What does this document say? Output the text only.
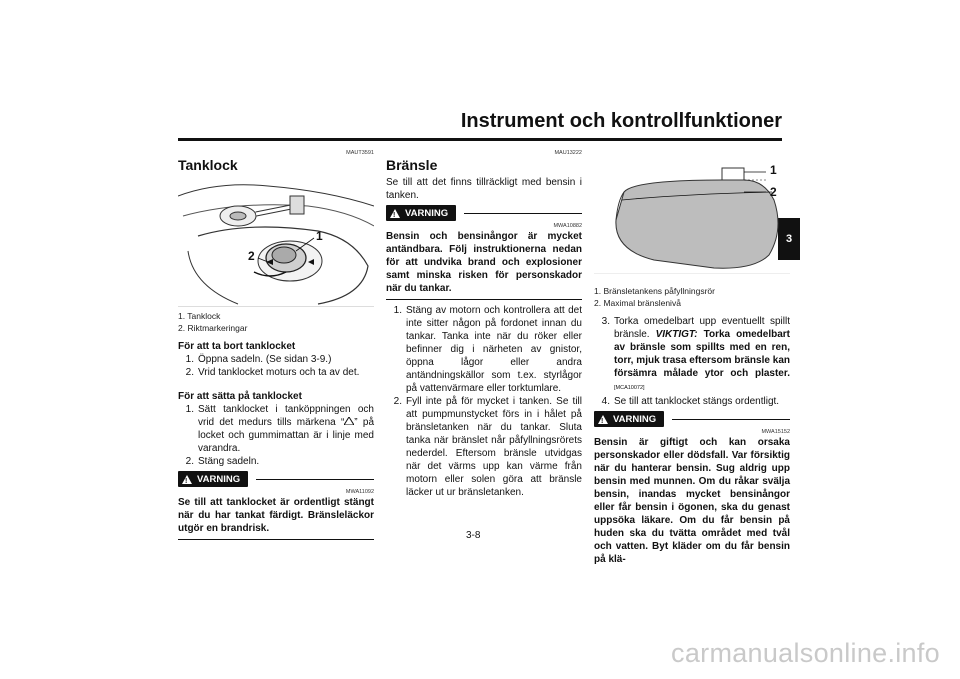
Instrument och kontrollfunktioner
3
MAUT3591
Tanklock
1
2
1. Tanklock
2. Riktmarkeringar
För att ta bort tanklocket
1. Öppna sadeln. (Se sidan 3-9.)
2. Vrid tanklocket moturs och ta av det.
För att sätta på tanklocket
1. Sätt tanklocket i tanköppningen och vrid det medurs tills märkena “ ” på locket och gummimattan är i linje med varandra.
2. Stäng sadeln.
!
VARNING
MWA11092
Se till att tanklocket är ordentligt stängt när du har tankat färdigt. Bränsleläckor utgör en brandrisk.
MAU13222
Bränsle
Se till att det finns tillräckligt med bensin i tanken.
!
VARNING
MWA10882
Bensin och bensinångor är mycket antändbara. Följ instruktionerna nedan för att undvika brand och explosioner samt minska risken för personskador när du tankar.
1. Stäng av motorn och kontrollera att det inte sitter någon på fordonet innan du tankar. Tanka inte när du röker eller befinner dig i närheten av gnistor, öppna lågor eller andra antändningskällor som t.ex. styrlågor på vattenvärmare eller torktumlare.
2. Fyll inte på för mycket i tanken. Se till att pumpmunstycket förs in i hålet på bränsletanken när du tankar. Sluta tanka när bränslet når påfyllningsrörets nederdel. Eftersom bränsle utvidgas när det värms upp kan värme från motorn eller solen göra att bränsle läcker ut ur bränsletanken.
1
2
1. Bränsletankens påfyllningsrör
2. Maximal bränslenivå
3. Torka omedelbart upp eventuellt spillt bränsle. VIKTIGT: Torka omedelbart av bränsle som spillts med en ren, torr, mjuk trasa eftersom bränsle kan försämra målade ytor och plaster.[MCA10072]
4. Se till att tanklocket stängs ordentligt.
!
VARNING
MWA15152
Bensin är giftigt och kan orsaka personskador eller dödsfall. Var försiktig när du hanterar bensin. Sug aldrig upp bensin med munnen. Om du råkar svälja bensin, inandas mycket bensinångor eller får bensin i ögonen, ska du genast uppsöka läkare. Om du får bensin på huden ska du tvätta området med tvål och vatten. Byt kläder om du får bensin på klä-
3-8
carmanualsonline.info
